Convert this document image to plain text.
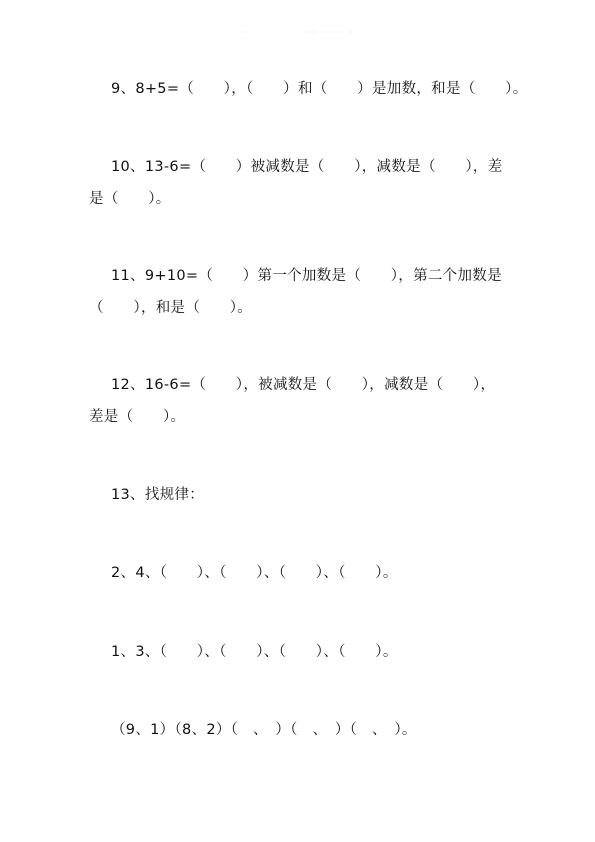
·· ·  ·   ·  ·    ·     ·····  ···· ···  ··
9、8+5=（　　），（　　）和（　　）是加数，和是（　　）。
10、13-6=（　　）被减数是（　　），减数是（　　），差
是（　　）。
11、9+10=（　　）第一个加数是（　　），第二个加数是
（　　），和是（　　）。
12、16-6=（　　），被减数是（　　），减数是（　　），
差是（　　）。
13、找规律：
2、4、（　　）、（　　）、（　　）、（　　）。
1、3、（　　）、（　　）、（　　）、（　　）。
（9、1）（8、2）（　、　）（　、　）（　、　）。
